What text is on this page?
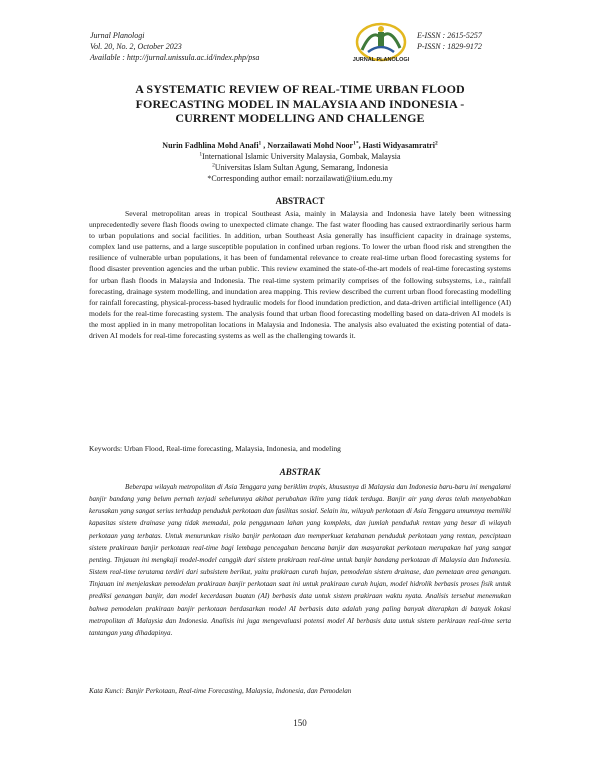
Jurnal Planologi
Vol. 20, No. 2, October 2023
Available : http://jurnal.unissula.ac.id/index.php/psa	JURNAL PLANOLOGI
E-ISSN : 2615-5257
P-ISSN : 1829-9172
A SYSTEMATIC REVIEW OF REAL-TIME URBAN FLOOD
FORECASTING MODEL IN MALAYSIA AND INDONESIA -
CURRENT MODELLING AND CHALLENGE
Nurin Fadhlina Mohd Anafi$^1$ , Norzailawati Mohd Noor$^{1*}$, Hasti Widyasamratri$^2$
$^1$International Islamic University Malaysia, Gombak, Malaysia
$^2$Universitas Islam Sultan Agung, Semarang, Indonesia
*Corresponding author email: norzailawati@iium.edu.my
ABSTRACT

Several metropolitan areas in tropical Southeast Asia, mainly in Malaysia and Indonesia have lately been witnessing unprecedentedly severe flash floods owing to unexpected climate change. The fast water flooding has caused extraordinarily serious harm to urban populations and social facilities. In addition, urban Southeast Asia generally has insufficient capacity in drainage systems, complex land use patterns, and a large susceptible population in confined urban regions. To lower the urban flood risk and strengthen the resilience of vulnerable urban populations, it has been of fundamental relevance to create real-time urban flood forecasting systems for flood disaster prevention agencies and the urban public. This review examined the state-of-the-art models of real-time forecasting systems for urban flash floods in Malaysia and Indonesia. The real-time system primarily comprises of the following subsystems, i.e., rainfall forecasting, drainage system modelling, and inundation area mapping. This review described the current urban flood forecasting modelling for rainfall forecasting, physical-process-based hydraulic models for flood inundation prediction, and data-driven artificial intelligence (AI) models for the real-time forecasting system. The analysis found that urban flood forecasting modelling based on data-driven AI models is the most applied in in many metropolitan locations in Malaysia and Indonesia. The analysis also evaluated the existing potential of data-driven AI models for real-time forecasting systems as well as the challenging towards it.

Keywords: Urban Flood, Real-time forecasting, Malaysia, Indonesia, and modeling
ABSTRAK

Beberapa wilayah metropolitan di Asia Tenggara yang beriklim tropis, khususnya di Malaysia dan Indonesia baru-baru ini mengalami banjir bandang yang belum pernah terjadi sebelumnya akibat perubahan iklim yang tidak terduga. Banjir air yang deras telah menyebabkan kerusakan yang sangat serius terhadap penduduk perkotaan dan fasilitas sosial. Selain itu, wilayah perkotaan di Asia Tenggara umumnya memiliki kapasitas sistem drainase yang tidak memadai, pola penggunaan lahan yang kompleks, dan jumlah penduduk rentan yang besar di wilayah perkotaan yang terbatas. Untuk menurunkan risiko banjir perkotaan dan memperkuat ketahanan penduduk perkotaan yang rentan, penciptaan sistem prakiraan banjir perkotaan real-time bagi lembaga pencegahan bencana banjir dan masyarakat perkotaan merupakan hal yang sangat penting. Tinjauan ini mengkaji model-model canggih dari sistem prakiraan real-time untuk banjir bandang perkotaan di Malaysia dan Indonesia. Sistem real-time terutama terdiri dari subsistem berikut, yaitu prakiraan curah hujan, pemodelan sistem drainase, dan pemetaan area genangan. Tinjauan ini menjelaskan pemodelan prakiraan banjir perkotaan saat ini untuk prakiraan curah hujan, model hidrolik berbasis proses fisik untuk prediksi genangan banjir, dan model kecerdasan buatan (AI) berbasis data untuk sistem prakiraan waktu nyata. Analisis tersebut menemukan bahwa pemodelan prakiraan banjir perkotaan berdasarkan model AI berbasis data adalah yang paling banyak diterapkan di banyak lokasi metropolitan di Malaysia dan Indonesia. Analisis ini juga mengevaluasi potensi model AI berbasis data untuk sistem perkiraan real-time serta tantangan yang dihadapinya.

Kata Kunci: Banjir Perkotaan, Real-time Forecasting, Malaysia, Indonesia, dan Pemodelan
150
